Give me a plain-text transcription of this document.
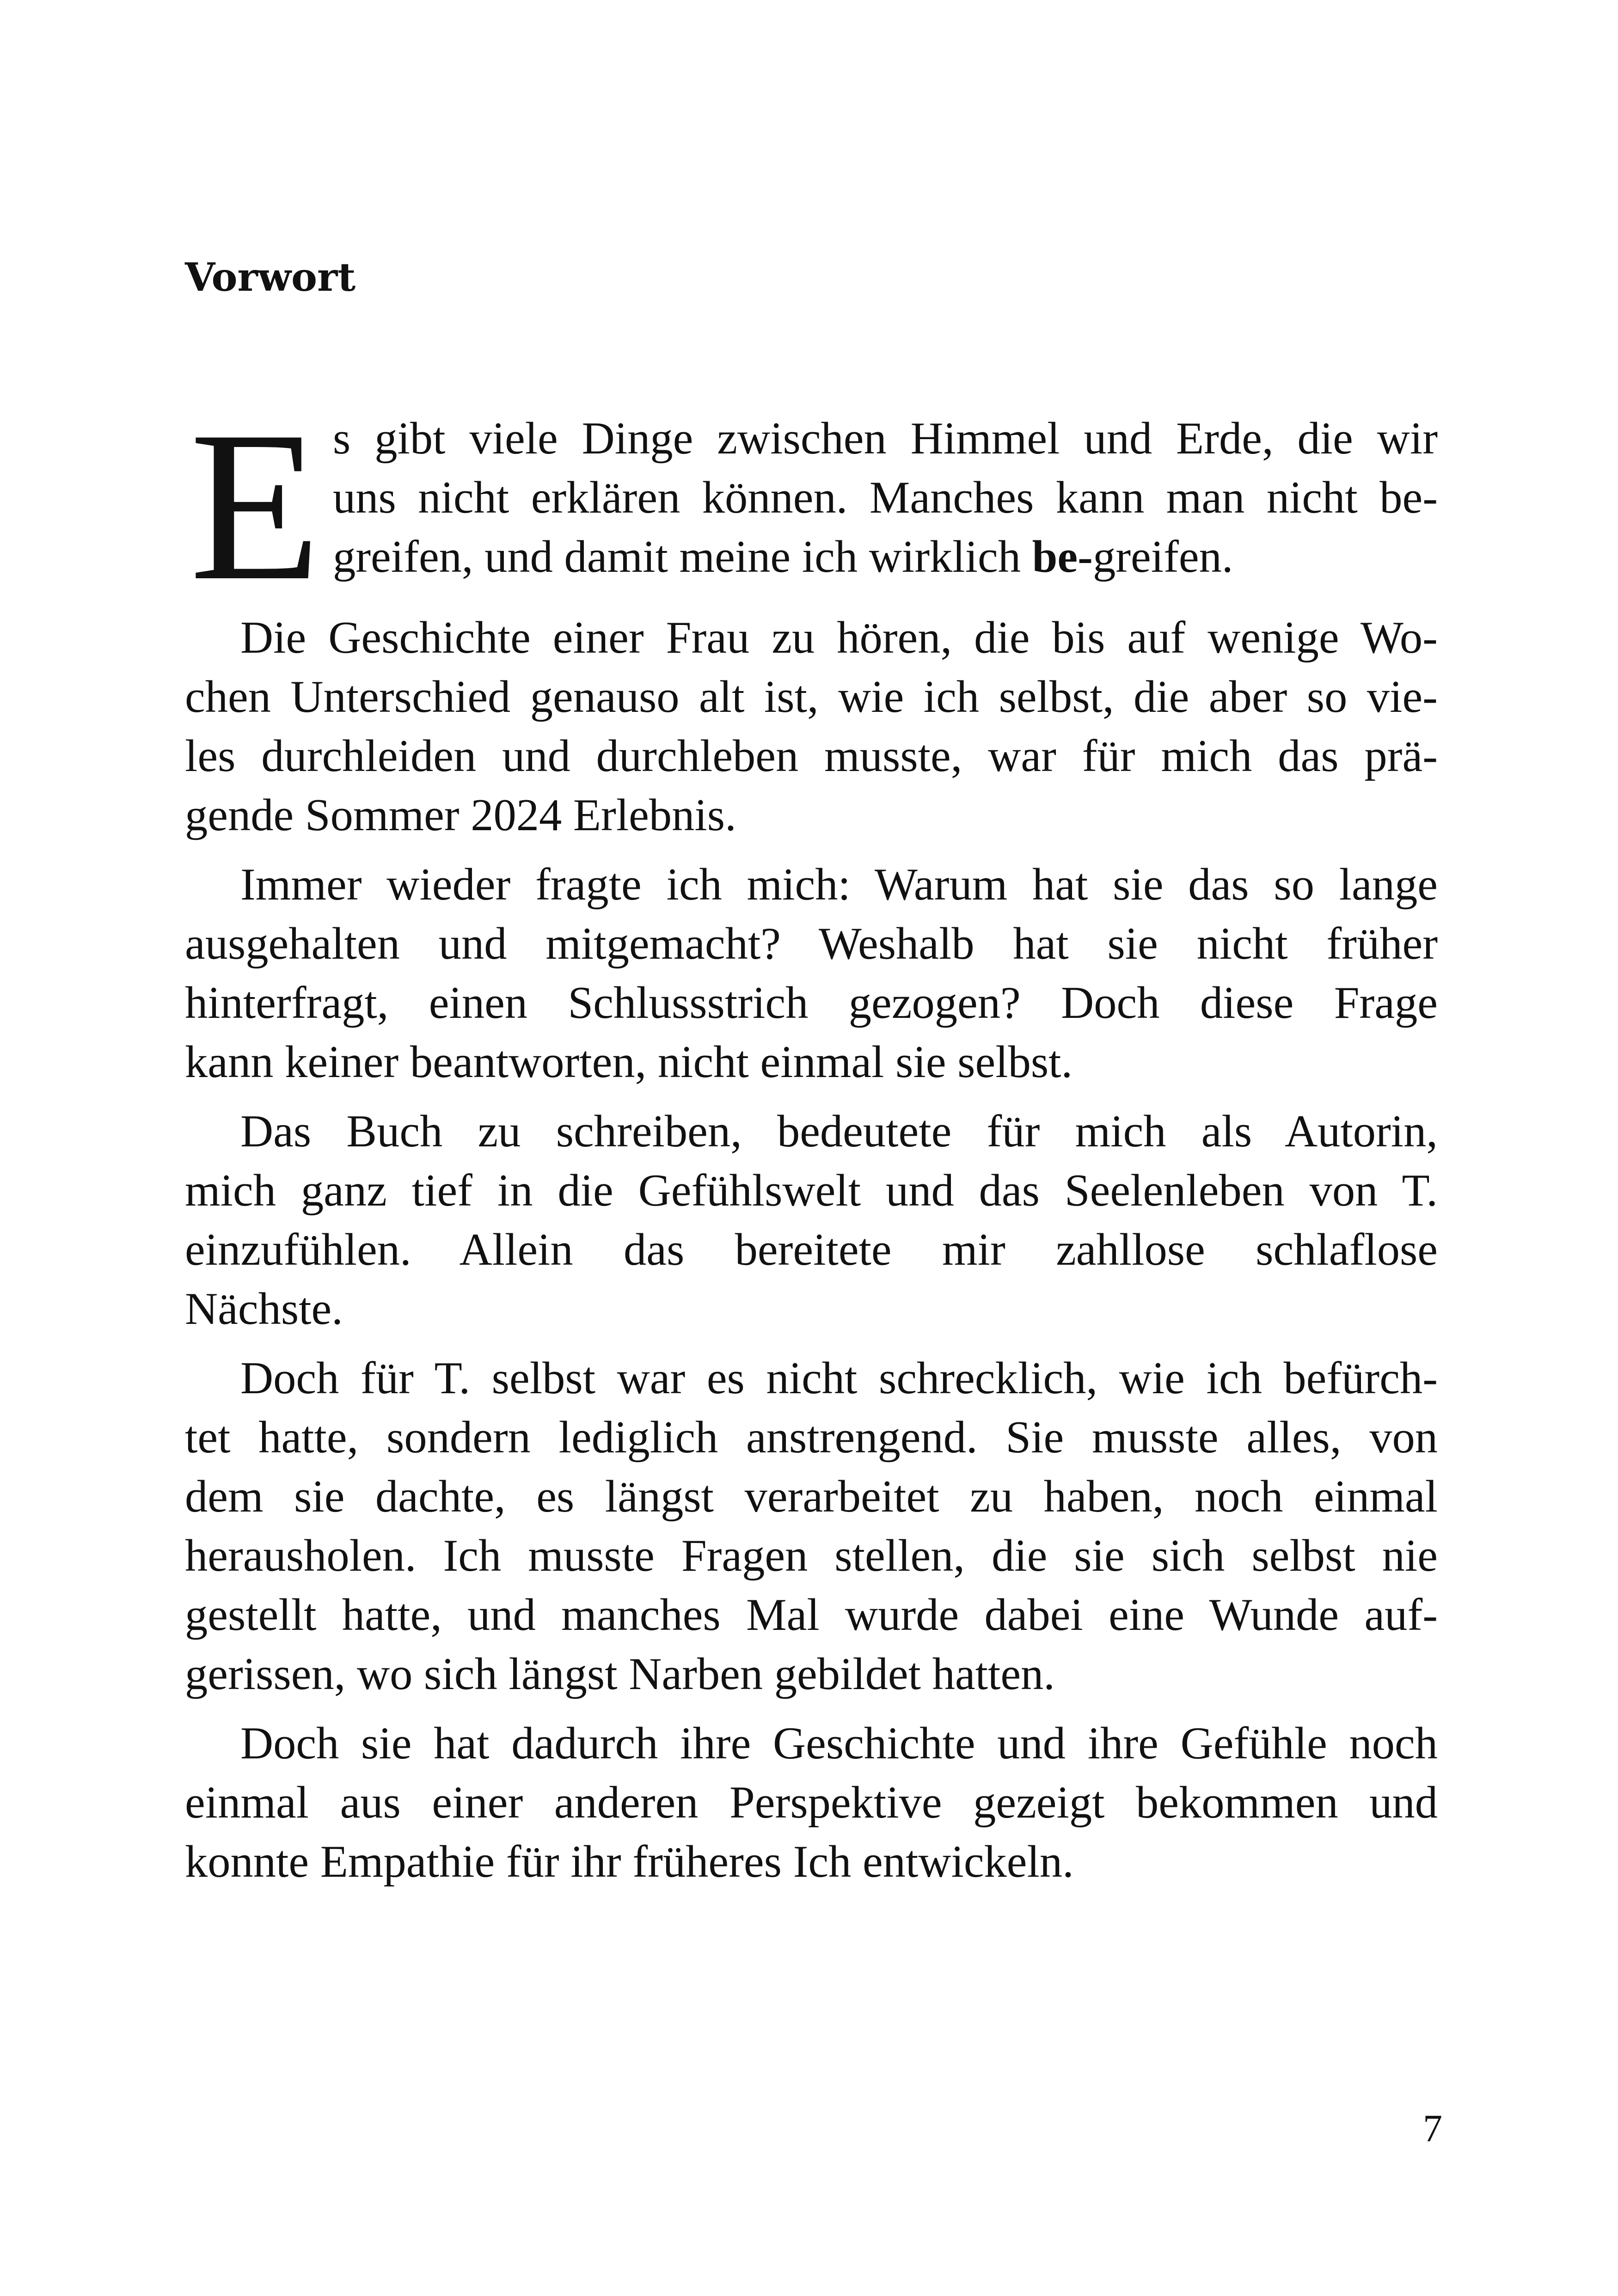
Vorwort
E s gibt viele Dinge zwischen Himmel und Erde, die wir
uns nicht erklären können. Manches kann man nicht be-
greifen, und damit meine ich wirklich be-greifen.
Die Geschichte einer Frau zu hören, die bis auf wenige Wo-
chen Unterschied genauso alt ist, wie ich selbst, die aber so vie-
les durchleiden und durchleben musste, war für mich das prä-
gende Sommer 2024 Erlebnis.
Immer wieder fragte ich mich: Warum hat sie das so lange
ausgehalten und mitgemacht? Weshalb hat sie nicht früher
hinterfragt, einen Schlussstrich gezogen? Doch diese Frage
kann keiner beantworten, nicht einmal sie selbst.
Das Buch zu schreiben, bedeutete für mich als Autorin,
mich ganz tief in die Gefühlswelt und das Seelenleben von T.
einzufühlen. Allein das bereitete mir zahllose schlaflose
Nächste.
Doch für T. selbst war es nicht schrecklich, wie ich befürch-
tet hatte, sondern lediglich anstrengend. Sie musste alles, von
dem sie dachte, es längst verarbeitet zu haben, noch einmal
herausholen. Ich musste Fragen stellen, die sie sich selbst nie
gestellt hatte, und manches Mal wurde dabei eine Wunde auf-
gerissen, wo sich längst Narben gebildet hatten.
Doch sie hat dadurch ihre Geschichte und ihre Gefühle noch
einmal aus einer anderen Perspektive gezeigt bekommen und
konnte Empathie für ihr früheres Ich entwickeln.
7
